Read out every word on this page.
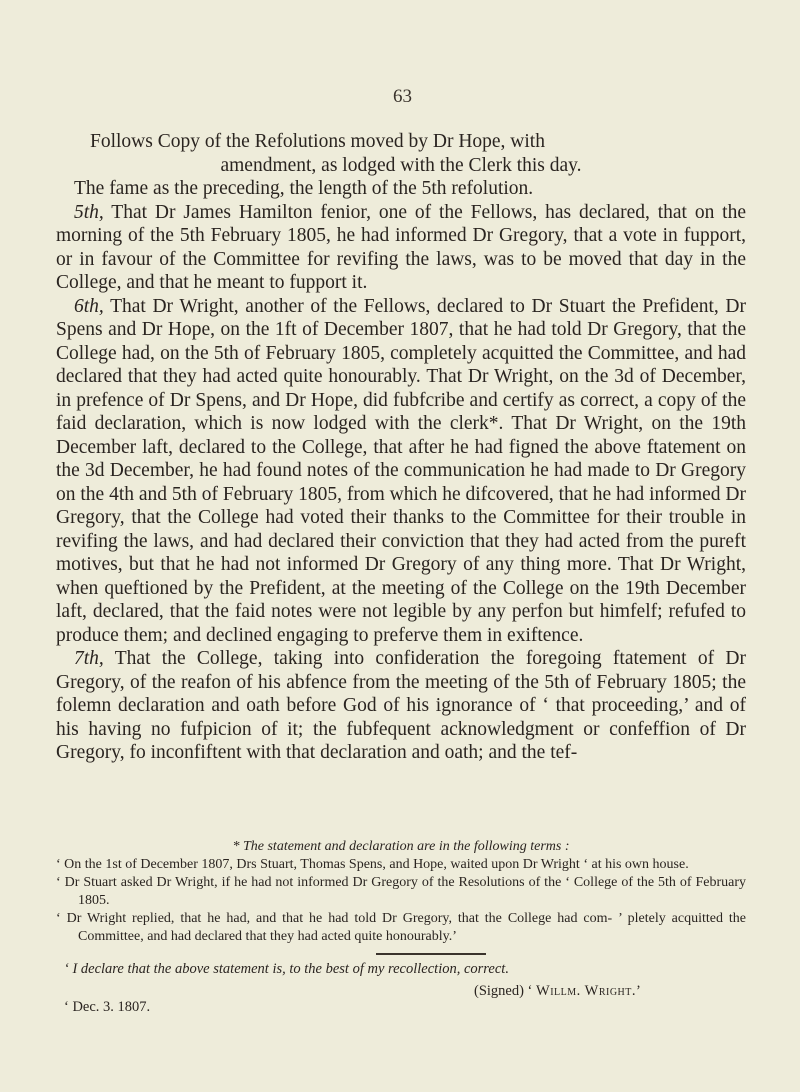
63

Follows Copy of the Refolutions moved by Dr Hope, with

amendment, as lodged with the Clerk this day.

The fame as the preceding, the length of the 5th refolution.

5th, That Dr James Hamilton fenior, one of the Fellows, has declared, that on the morning of the 5th February 1805, he had informed Dr Gregory, that a vote in fupport, or in favour of the Committee for revifing the laws, was to be moved that day in the College, and that he meant to fupport it.

6th, That Dr Wright, another of the Fellows, declared to Dr Stuart the Prefident, Dr Spens and Dr Hope, on the 1ft of December 1807, that he had told Dr Gregory, that the College had, on the 5th of February 1805, completely acquitted the Committee, and had declared that they had acted quite honourably. That Dr Wright, on the 3d of December, in prefence of Dr Spens, and Dr Hope, did fubfcribe and certify as correct, a copy of the faid declaration, which is now lodged with the clerk*. That Dr Wright, on the 19th December laft, declared to the College, that after he had figned the above ftatement on the 3d December, he had found notes of the communication he had made to Dr Gregory on the 4th and 5th of February 1805, from which he difcovered, that he had informed Dr Gregory, that the College had voted their thanks to the Committee for their trouble in revifing the laws, and had declared their conviction that they had acted from the pureft motives, but that he had not informed Dr Gregory of any thing more. That Dr Wright, when queftioned by the Prefident, at the meeting of the College on the 19th December laft, declared, that the faid notes were not legible by any perfon but himfelf; refufed to produce them; and declined engaging to preferve them in exiftence.

7th, That the College, taking into confideration the foregoing ftatement of Dr Gregory, of the reafon of his abfence from the meeting of the 5th of February 1805; the folemn declaration and oath before God of his ignorance of ‘ that proceeding,’ and of his having no fufpicion of it; the fubfequent acknowledgment or confeffion of Dr Gregory, fo inconfiftent with that declaration and oath; and the tef-

* The statement and declaration are in the following terms :

‘ On the 1st of December 1807, Drs Stuart, Thomas Spens, and Hope, waited upon Dr Wright ‘ at his own house.

‘ Dr Stuart asked Dr Wright, if he had not informed Dr Gregory of the Resolutions of the ‘ College of the 5th of February 1805.

‘ Dr Wright replied, that he had, and that he had told Dr Gregory, that the College had com- ’ pletely acquitted the Committee, and had declared that they had acted quite honourably.’

‘ I declare that the above statement is, to the best of my recollection, correct.

(Signed) ‘ Willm. Wright.’
‘ Dec. 3. 1807.
